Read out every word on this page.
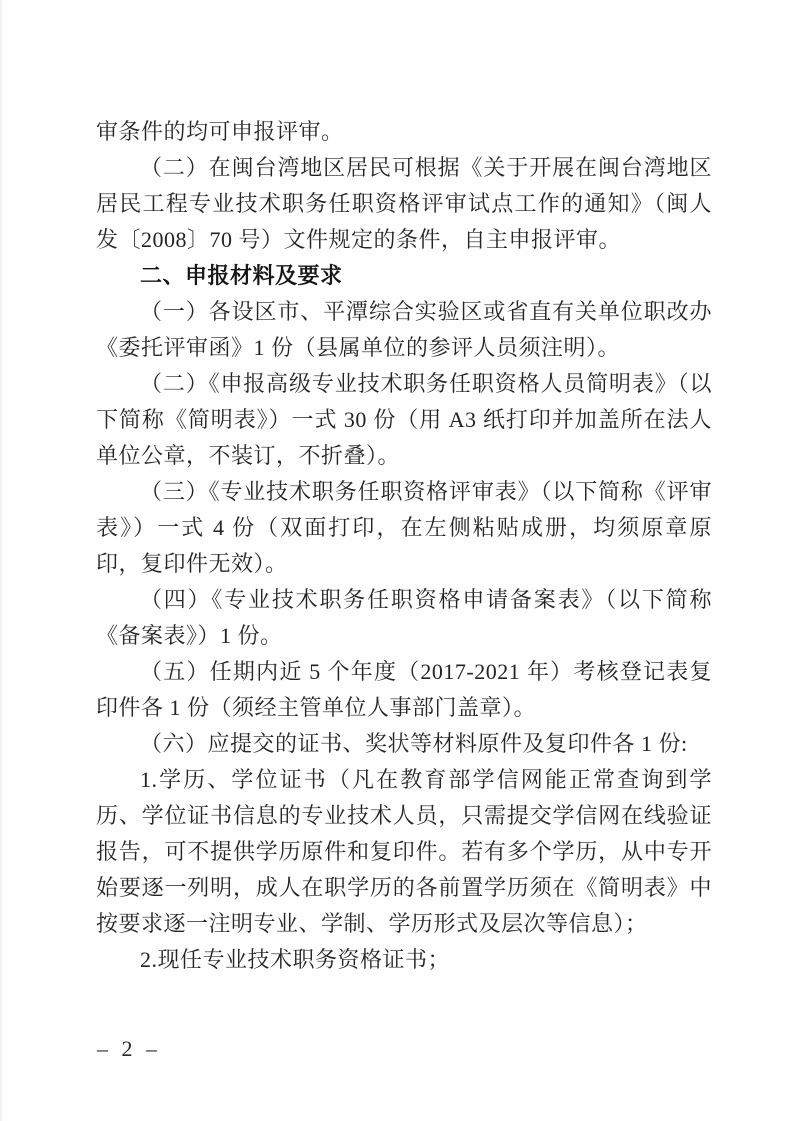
审条件的均可申报评审。

（二）在闽台湾地区居民可根据《关于开展在闽台湾地区居民工程专业技术职务任职资格评审试点工作的通知》（闽人发〔2008〕70 号）文件规定的条件，自主申报评审。

二、申报材料及要求

（一）各设区市、平潭综合实验区或省直有关单位职改办《委托评审函》1 份（县属单位的参评人员须注明）。

（二）《申报高级专业技术职务任职资格人员简明表》（以下简称《简明表》）一式 30 份（用 A3 纸打印并加盖所在法人单位公章，不装订，不折叠）。

（三）《专业技术职务任职资格评审表》（以下简称《评审表》）一式 4 份（双面打印，在左侧粘贴成册，均须原章原印，复印件无效）。

（四）《专业技术职务任职资格申请备案表》（以下简称《备案表》）1 份。

（五）任期内近 5 个年度（2017-2021 年）考核登记表复印件各 1 份（须经主管单位人事部门盖章）。

（六）应提交的证书、奖状等材料原件及复印件各 1 份:

1.学历、学位证书（凡在教育部学信网能正常查询到学历、学位证书信息的专业技术人员，只需提交学信网在线验证报告，可不提供学历原件和复印件。若有多个学历，从中专开始要逐一列明，成人在职学历的各前置学历须在《简明表》中按要求逐一注明专业、学制、学历形式及层次等信息）；

2.现任专业技术职务资格证书；

– 2 –
